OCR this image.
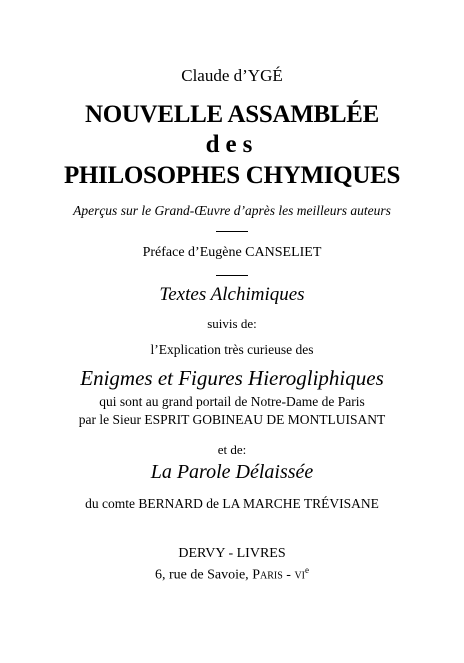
Claude d’YGÉ
NOUVELLE ASSAMBLÉE
des
PHILOSOPHES CHYMIQUES
Aperçus sur le Grand-Œuvre d’après les meilleurs auteurs
Préface d’Eugène CANSELIET
Textes Alchimiques
suivis de:
l’Explication très curieuse des
Enigmes et Figures Hierogliphiques
qui sont au grand portail de Notre-Dame de Paris
par le Sieur ESPRIT GOBINEAU DE MONTLUISANT
et de:
La Parole Délaissée
du comte BERNARD de LA MARCHE TRÉVISANE
DERVY - LIVRES
6, rue de Savoie, Paris - $vi^e$
